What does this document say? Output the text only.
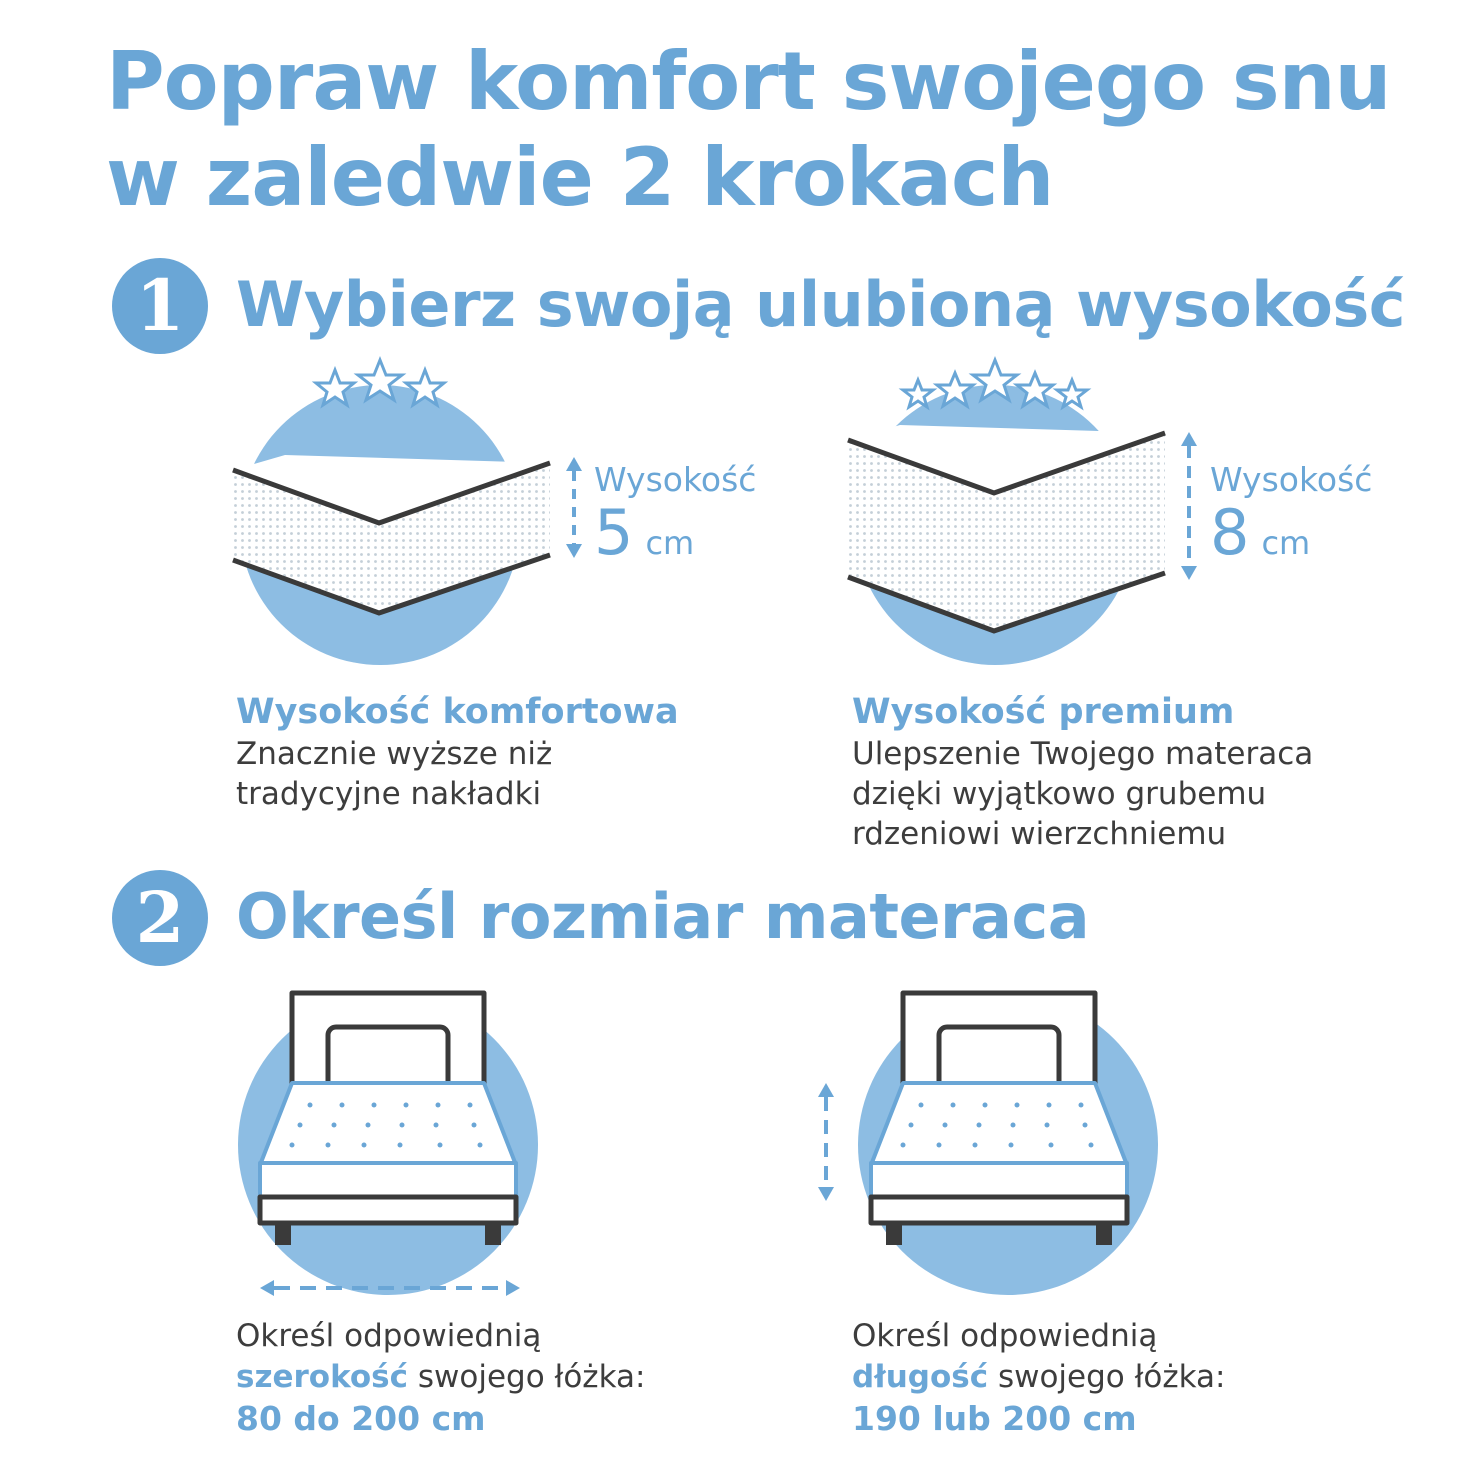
Popraw komfort swojego snu
w zaledwie 2 krokach
1 Wybierz swoją ulubioną wysokość
Wysokość
5 cm
Wysokość
8 cm
Wysokość komfortowa
Znacznie wyższe niż
tradycyjne nakładki
Wysokość premium
Ulepszenie Twojego materaca
dzięki wyjątkowo grubemu
rdzeniowi wierzchniemu
2 Określ rozmiar materaca
Określ odpowiednią
szerokość swojego łóżka:
80 do 200 cm
Określ odpowiednią
długość swojego łóżka:
190 lub 200 cm
